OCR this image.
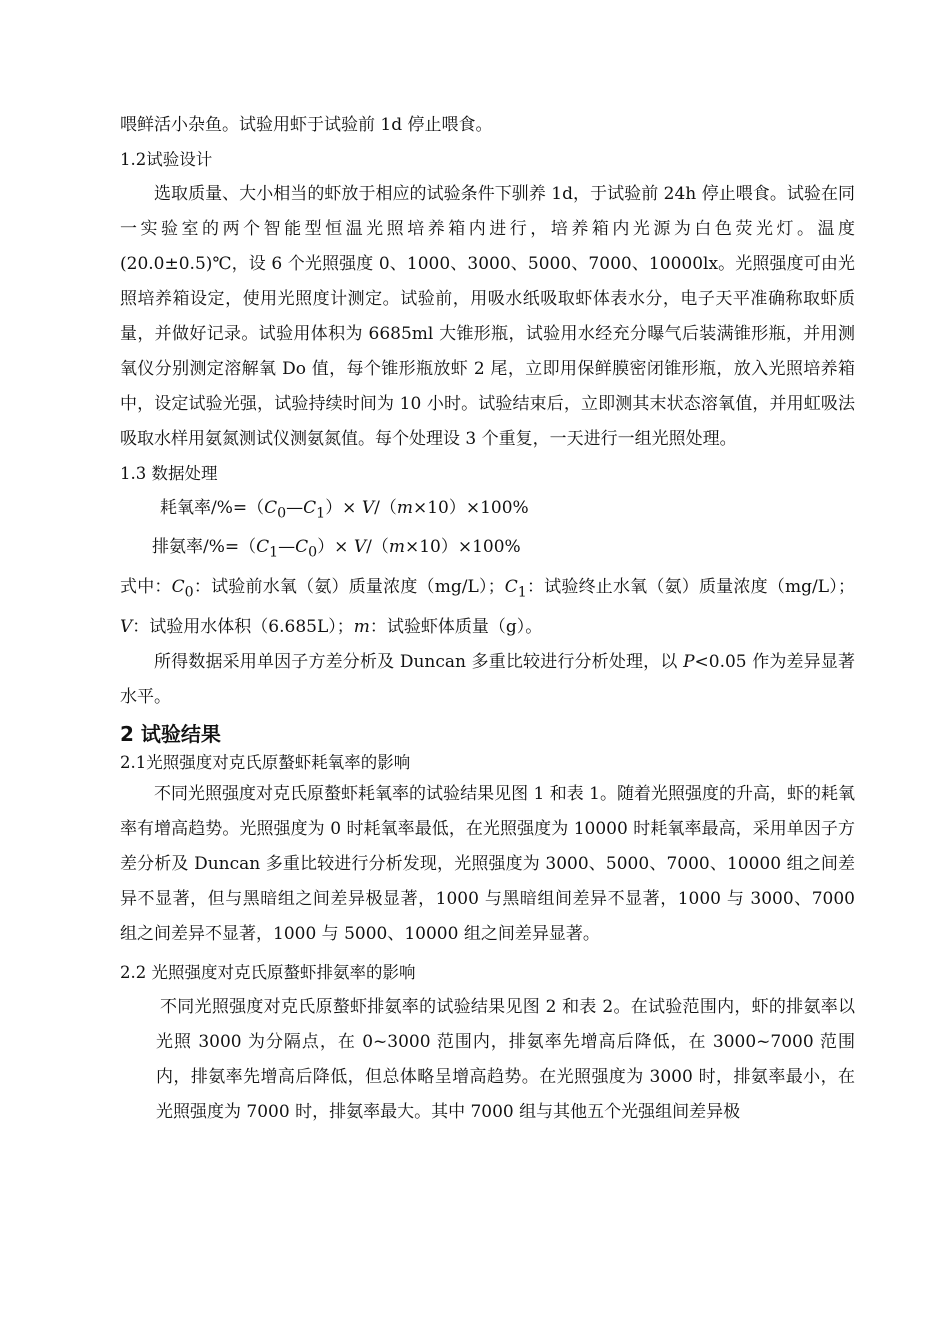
喂鲜活小杂鱼。试验用虾于试验前 1d 停止喂食。

1.2试验设计

选取质量、大小相当的虾放于相应的试验条件下驯养 1d，于试验前 24h 停止喂食。试验在同一实验室的两个智能型恒温光照培养箱内进行，培养箱内光源为白色荧光灯。温度(20.0±0.5)℃，设 6 个光照强度 0、1000、3000、5000、7000、10000lx。光照强度可由光照培养箱设定，使用光照度计测定。试验前，用吸水纸吸取虾体表水分，电子天平准确称取虾质量，并做好记录。试验用体积为 6685ml 大锥形瓶，试验用水经充分曝气后装满锥形瓶，并用测氧仪分别测定溶解氧 Do 值，每个锥形瓶放虾 2 尾，立即用保鲜膜密闭锥形瓶，放入光照培养箱中，设定试验光强，试验持续时间为 10 小时。试验结束后，立即测其末状态溶氧值，并用虹吸法吸取水样用氨氮测试仪测氨氮值。每个处理设 3 个重复，一天进行一组光照处理。

1.3 数据处理

耗氧率$/\%=(C_0—C_1)\times V/(m\times 10)\times 100\%$
排氨率$/\%=(C_1—C_0)\times V/(m\times 10)\times 100\%$

式中：$C_0$：试验前水氧（氨）质量浓度（mg/L）；$C_1$：试验终止水氧（氨）质量浓度（mg/L）；V：试验用水体积（6.685L）；m：试验虾体质量（g）。

所得数据采用单因子方差分析及 Duncan 多重比较进行分析处理，以 P<0.05 作为差异显著水平。

2 试验结果

2.1光照强度对克氏原螯虾耗氧率的影响

不同光照强度对克氏原螯虾耗氧率的试验结果见图 1 和表 1。随着光照强度的升高，虾的耗氧率有增高趋势。光照强度为 0 时耗氧率最低，在光照强度为 10000 时耗氧率最高，采用单因子方差分析及 Duncan 多重比较进行分析发现，光照强度为 3000、5000、7000、10000 组之间差异不显著，但与黑暗组之间差异极显著，1000 与黑暗组间差异不显著，1000 与 3000、7000 组之间差异不显著，1000 与 5000、10000 组之间差异显著。

2.2 光照强度对克氏原螯虾排氨率的影响

不同光照强度对克氏原螯虾排氨率的试验结果见图 2 和表 2。在试验范围内，虾的排氨率以光照 3000 为分隔点，在 0~3000 范围内，排氨率先增高后降低，在 3000~7000 范围内，排氨率先增高后降低，但总体略呈增高趋势。在光照强度为 3000 时，排氨率最小，在光照强度为 7000 时，排氨率最大。其中 7000 组与其他五个光强组间差异极
